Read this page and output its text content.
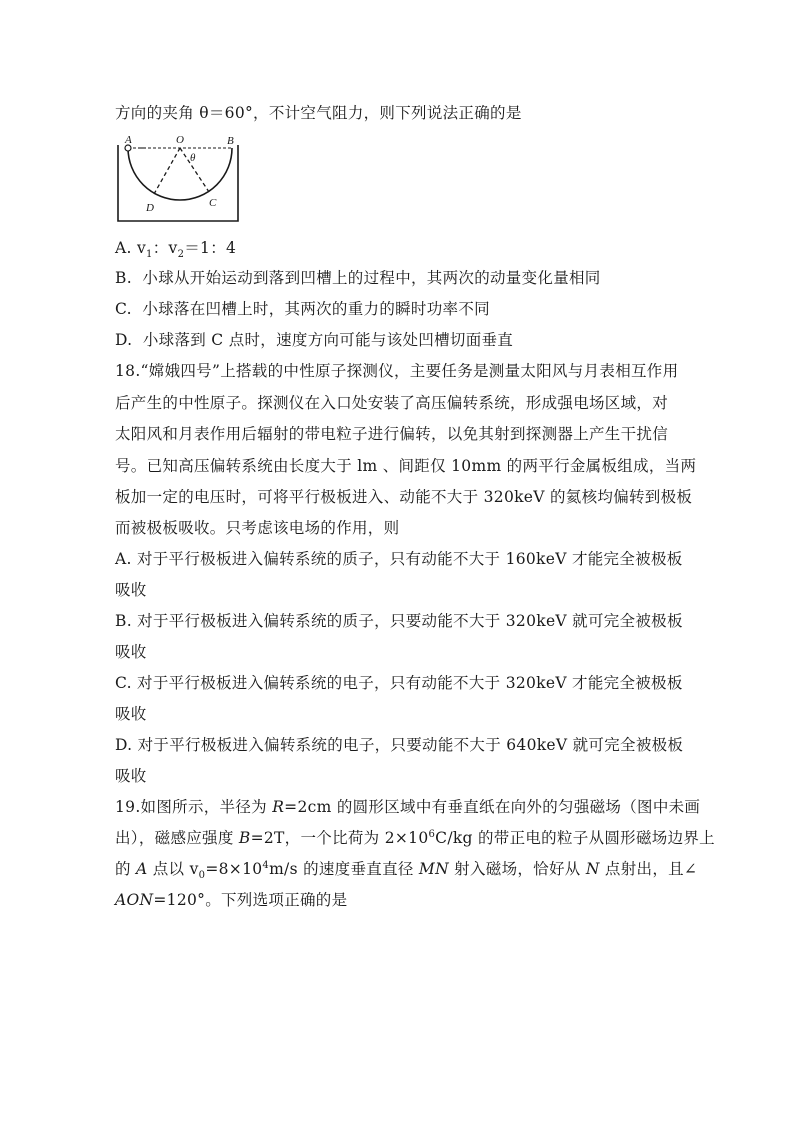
方向的夹角 θ＝60°，不计空气阻力，则下列说法正确的是
A	O	B
θ
D	C
A. $v_1$：$v_2=1$：4
B. 小球从开始运动到落到凹槽上的过程中，其两次的动量变化量相同
C. 小球落在凹槽上时，其两次的重力的瞬时功率不同
D. 小球落到 C 点时，速度方向可能与该处凹槽切面垂直
18.“嫦娥四号”上搭载的中性原子探测仪，主要任务是测量太阳风与月表相互作用
后产生的中性原子。探测仪在入口处安装了高压偏转系统，形成强电场区域，对
太阳风和月表作用后辐射的带电粒子进行偏转，以免其射到探测器上产生干扰信
号。已知高压偏转系统由长度大于 lm 、间距仅 10mm 的两平行金属板组成，当两
板加一定的电压时，可将平行极板进入、动能不大于 320keV 的氦核均偏转到极板
而被极板吸收。只考虑该电场的作用，则
A. 对于平行极板进入偏转系统的质子，只有动能不大于 160keV 才能完全被极板
吸收
B. 对于平行极板进入偏转系统的质子，只要动能不大于 320keV 就可完全被极板
吸收
C. 对于平行极板进入偏转系统的电子，只有动能不大于 320keV 才能完全被极板
吸收
D. 对于平行极板进入偏转系统的电子，只要动能不大于 640keV 就可完全被极板
吸收
19.如图所示，半径为 R=2cm 的圆形区域中有垂直纸在向外的匀强磁场（图中未画
出），磁感应强度 B=2T，一个比荷为 $2\times 10^6C/kg$ 的带正电的粒子从圆形磁场边界上
的 A 点以 $v_0=8\times 10^4m/s$ 的速度垂直直径 MN 射入磁场，恰好从 N 点射出，且∠
AON=120°。下列选项正确的是
